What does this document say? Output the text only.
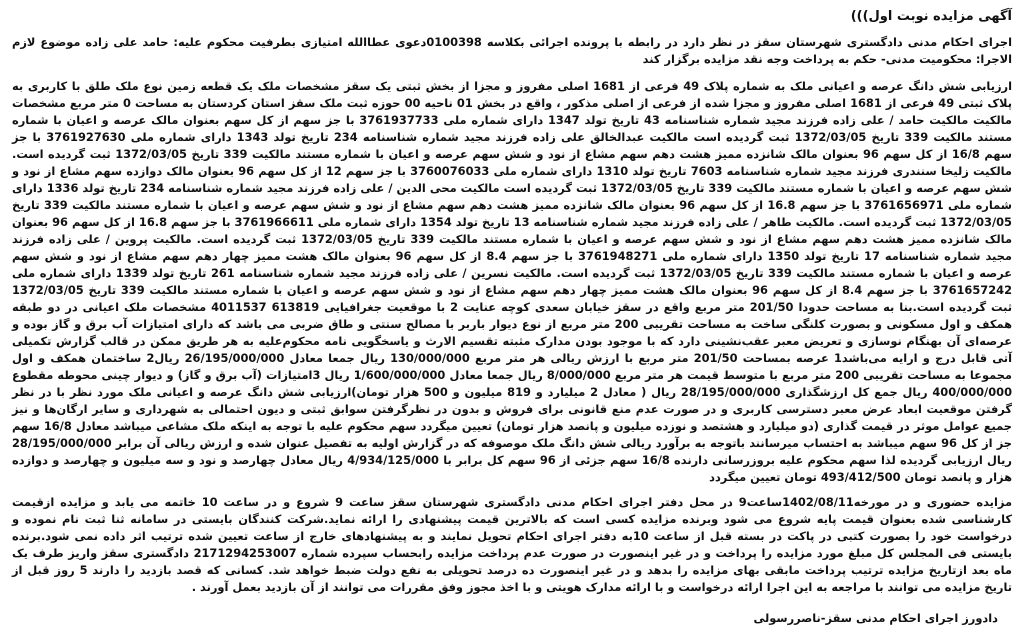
آگهی مزایده نوبت اول)))

اجرای احکام مدنی دادگستری شهرستان سقز در نظر دارد در رابطه با پرونده اجرائی بکلاسه 0100398دعوی عطاالله امتیازی بطرفیت محکوم علیه: حامد علی زاده موضوع لازم الاجرا: محکومیت مدنی- حکم به پرداخت وجه نقد مزایده برگزار کند

ارزیابی شش دانگ عرصه و اعیانی ملک به شماره پلاک 49 فرعی از 1681 اصلی مفروز و مجزا از بخش ثبتی یک سقز مشخصات ملک یک قطعه زمین نوع ملک طلق با کاربری به پلاک ثبتی 49 فرعی از 1681 اصلی مفروز و مجزا شده از فرعی از اصلی مذکور ، واقع در بخش 01 ناحیه 00 حوزه ثبت ملک سقز استان کردستان به مساحت 0 متر مربع مشخصات مالکیت مالکیت حامد / علی زاده فرزند مجید شماره شناسنامه 43 تاریخ تولد 1347 دارای شماره ملی 3761937733 با جز سهم از کل سهم بعنوان مالک عرصه و اعیان با شماره مستند مالکیت 339 تاریخ 1372/03/05 ثبت گردیده است مالکیت عبدالخالق علی زاده فرزند مجید شماره شناسنامه 234 تاریخ تولد 1343 دارای شماره ملی 3761927630 با جز سهم 16/8 از کل سهم 96 بعنوان مالک شانزده ممیز هشت دهم سهم مشاع از نود و شش سهم عرصه و اعیان با شماره مستند مالکیت 339 تاریخ 1372/03/05 ثبت گردیده است. مالکیت زلیخا سنندری فرزند مجید شماره شناسنامه 7603 تاریخ تولد 1310 دارای شماره ملی 3760076033 با جز سهم 12 از کل سهم 96 بعنوان مالک دوازده سهم مشاع از نود و شش سهم عرصه و اعیان با شماره مستند مالکیت 339 تاریخ 1372/03/05 ثبت گردیده است مالکیت محی الدین / علی زاده فرزند مجید شماره شناسنامه 234 تاریخ تولد 1336 دارای شماره ملی 3761656971 با جز سهم 16.8 از کل سهم 96 بعنوان مالک شانزده ممیز هشت دهم سهم مشاع از نود و شش سهم عرصه و اعیان با شماره مستند مالکیت 339 تاریخ 1372/03/05 ثبت گردیده است. مالکیت طاهر / علی زاده فرزند مجید شماره شناسنامه 13 تاریخ تولد 1354 دارای شماره ملی 3761966611 با جز سهم 16.8 از کل سهم 96 بعنوان مالک شانزده ممیز هشت دهم سهم مشاع از نود و شش سهم عرصه و اعیان با شماره مستند مالکیت 339 تاریخ 1372/03/05 ثبت گردیده است. مالکیت پروین / علی زاده فرزند مجید شماره شناسنامه 17 تاریخ تولد 1350 دارای شماره ملی 3761948271 با جز سهم 8.4 از کل سهم 96 بعنوان مالک هشت ممیز چهار دهم سهم مشاع از نود و شش سهم عرصه و اعیان با شماره مستند مالکیت 339 تاریخ 1372/03/05 ثبت گردیده است. مالکیت نسرین / علی زاده فرزند مجید شماره شناسنامه 261 تاریخ تولد 1339 دارای شماره ملی 3761657242 با جز سهم 8.4 از کل سهم 96 بعنوان مالک هشت ممیز چهار دهم سهم مشاع از نود و شش سهم عرصه و اعیان با شماره مستند مالکیت 339 تاریخ 1372/03/05 ثبت گردیده است.بنا به مساحت حدودا 201/50 متر مربع واقع در سقز خیابان سعدی کوچه عنایت 2 با موقعیت جغرافیایی 613819 4011537 مشخصات ملک اعیانی در دو طبقه همکف و اول مسکونی و بصورت کلنگی ساخت به مساحت تقریبی 200 متر مربع از نوع دیوار باربر با مصالح سنتی و طاق ضربی می باشد که دارای امتیازات آب برق و گاز بوده و عرصه‌ای آن بهنگام نوسازی و تعریض معبر عقب‌نشینی دارد که با موجود بودن مدارک مثبته تقسیم الارث و یاسخگویی نامه محکوم‌علیه به هر طریق ممکن در قالب گزارش تکمیلی آتی قابل درج و ارایه می‌باشد1 عرصه بمساحت 201/50 متر مربع با ارزش ریالی هر متر مربع 130/000/000 ریال جمعا معادل 26/195/000/000 ریال2 ساختمان همکف و اول مجموعا به مساحت تقریبی 200 متر مربع با متوسط قیمت هر متر مربع 8/000/000 ریال جمعا معادل 1/600/000/000 ریال 3امتیازات (آب برق و گاز) و دیوار چینی محوطه مقطوع 400/000/000 ریال جمع کل ارزشگذاری 28/195/000/000 ریال ( معادل 2 میلیارد و 819 میلیون و 500 هزار تومان)ارزیابی شش دانگ عرصه و اعیانی ملک مورد نظر با در نظر گرفتن موقعیت ابعاد عرض معبر دسترسی کاربری و در صورت عدم منع قانونی برای فروش و بدون در نظرگرفتن سوابق ثبتی و دیون احتمالی به شهرداری و سایر ارگان‌ها و نیز جمیع عوامل موثر در قیمت گذاری (دو میلیارد و هشتصد و نوزده میلیون و پانصد هزار تومان) تعیین میگردد سهم محکوم علیه با توجه به اینکه ملک مشاعی میباشد معادل 16/8 سهم جز از کل 96 سهم میباشد به احتساب میرسانند باتوجه به برآورد ریالی شش دانگ ملک موصوفه که در گزارش اولیه به تفصیل عنوان شده و ارزش ریالی آن برابر 28/195/000/000 ریال ارزیابی گردیده لذا سهم محکوم علیه بروزرسانی دارنده 16/8 سهم جزئی از 96 سهم کل برابر با 4/934/125/000 ریال معادل چهارصد و نود و سه میلیون و چهارصد و دوازده هزار و پانصد تومان 493/412/500 تومان تعیین میگردد

مزایده حضوری و در مورخه1402/08/11ساعت9 در محل دفتر اجرای احکام مدنی دادگستری شهرستان سقز ساعت 9 شروع و در ساعت 10 خاتمه می یابد و مزایده ازقیمت کارشناسی شده بعنوان قیمت پایه شروع می شود وبرنده مزایده کسی است که بالاترین قیمت پیشنهادی را ارائه نماید.شرکت کنندگان بایستی در سامانه ثنا ثبت نام نموده و درخواست خود را بصورت کتبی در پاکت در بسته قبل از ساعت 10به دفتر اجرای احکام تحویل نمایند و به پیشنهادهای خارج از ساعت تعیین شده ترتیب اثر داده نمی شود.برنده بایستی فی المجلس کل مبلغ مورد مزایده را پرداخت و در غیر اینصورت در صورت عدم پرداخت مزایده رابحساب سپرده شماره 2171294253007 دادگستری سقز واریز طرف یک ماه بعد ازتاریخ مزایده ترتیب پرداخت مابقی بهای مزایده را بدهد و در غیر اینصورت ده درصد تحویلی به نفع دولت ضبط خواهد شد. کسانی که قصد بازدید را دارند 5 روز قبل از تاریخ مزایده می توانند با مراجعه به این اجرا ارائه درخواست و با ارائه مدارک هویتی و با اخذ مجوز وفق مقررات می توانند از آن بازدید بعمل آورند .

دادورز اجرای احکام مدنی سقز-ناصررسولی
